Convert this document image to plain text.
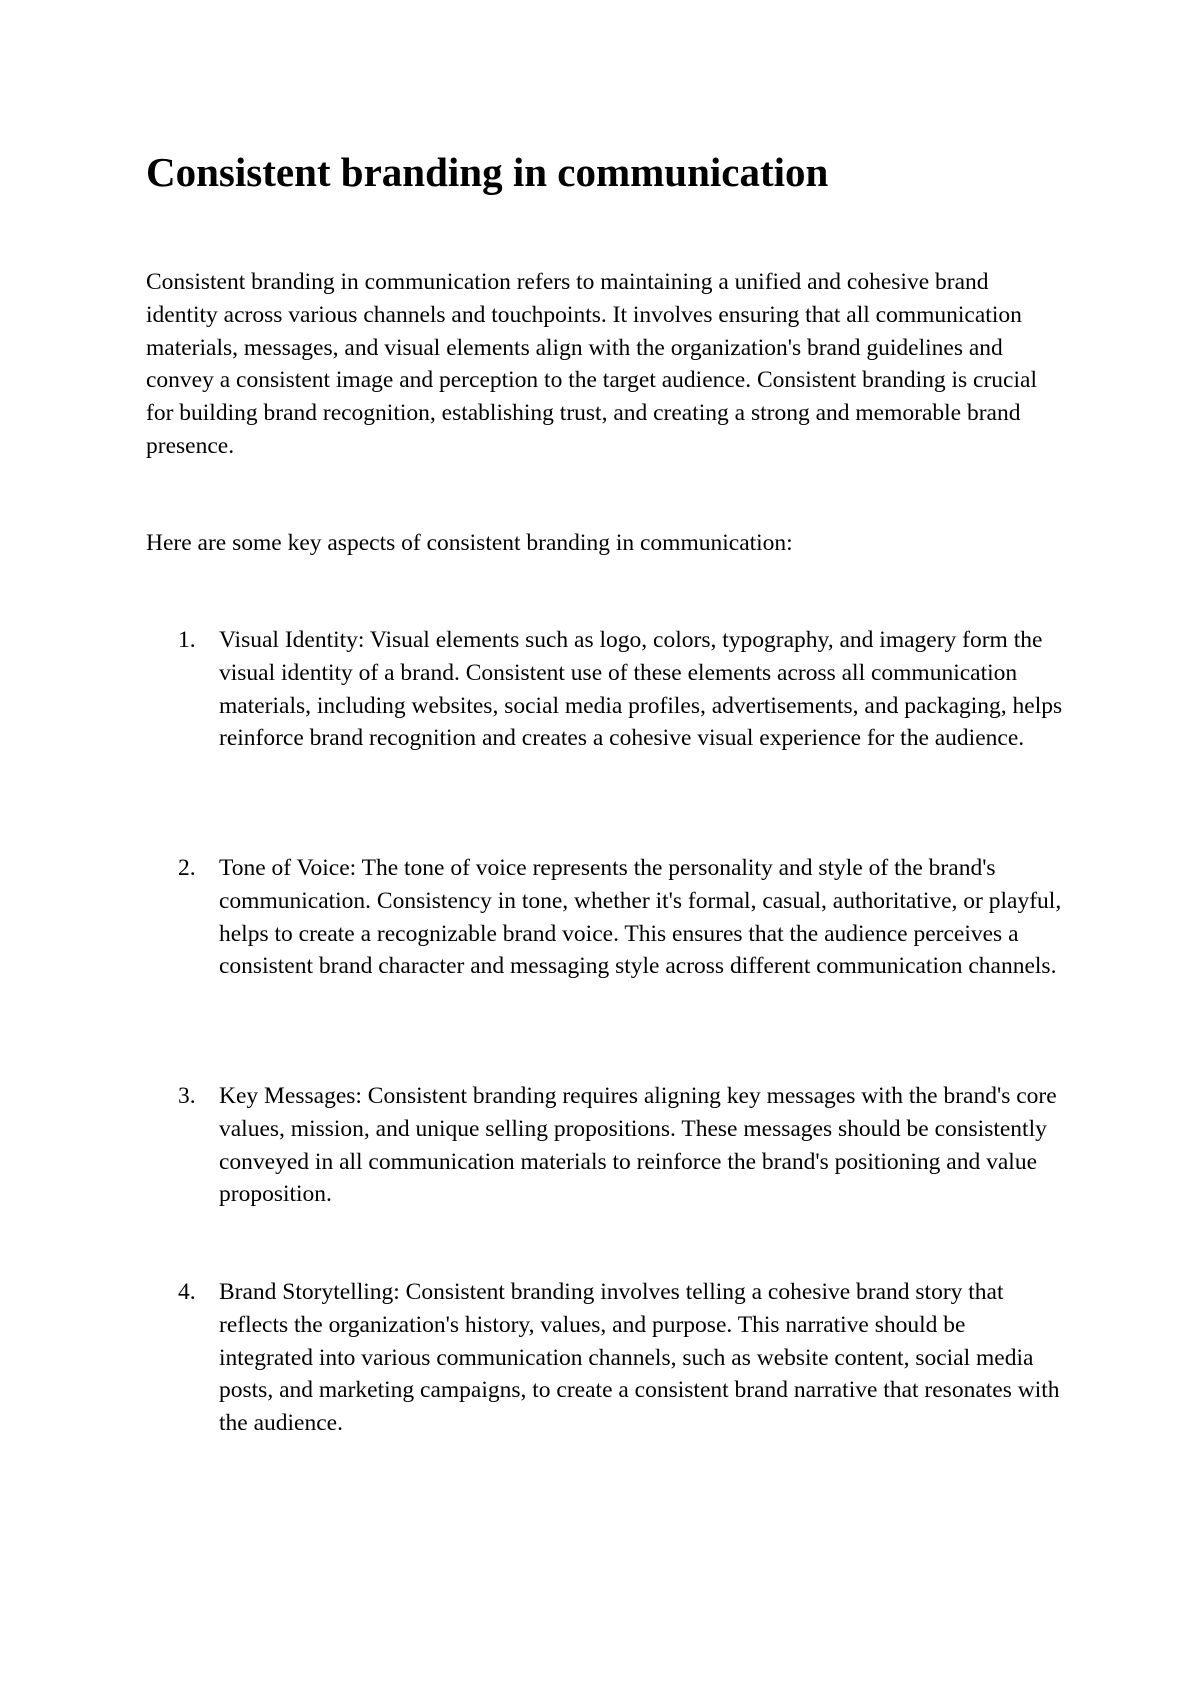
Consistent branding in communication

Consistent branding in communication refers to maintaining a unified and cohesive brand identity across various channels and touchpoints. It involves ensuring that all communication materials, messages, and visual elements align with the organization's brand guidelines and convey a consistent image and perception to the target audience. Consistent branding is crucial for building brand recognition, establishing trust, and creating a strong and memorable brand presence.

Here are some key aspects of consistent branding in communication:

1. Visual Identity: Visual elements such as logo, colors, typography, and imagery form the visual identity of a brand. Consistent use of these elements across all communication materials, including websites, social media profiles, advertisements, and packaging, helps reinforce brand recognition and creates a cohesive visual experience for the audience.

2. Tone of Voice: The tone of voice represents the personality and style of the brand's communication. Consistency in tone, whether it's formal, casual, authoritative, or playful, helps to create a recognizable brand voice. This ensures that the audience perceives a consistent brand character and messaging style across different communication channels.

3. Key Messages: Consistent branding requires aligning key messages with the brand's core values, mission, and unique selling propositions. These messages should be consistently conveyed in all communication materials to reinforce the brand's positioning and value proposition.

4. Brand Storytelling: Consistent branding involves telling a cohesive brand story that reflects the organization's history, values, and purpose. This narrative should be integrated into various communication channels, such as website content, social media posts, and marketing campaigns, to create a consistent brand narrative that resonates with the audience.
